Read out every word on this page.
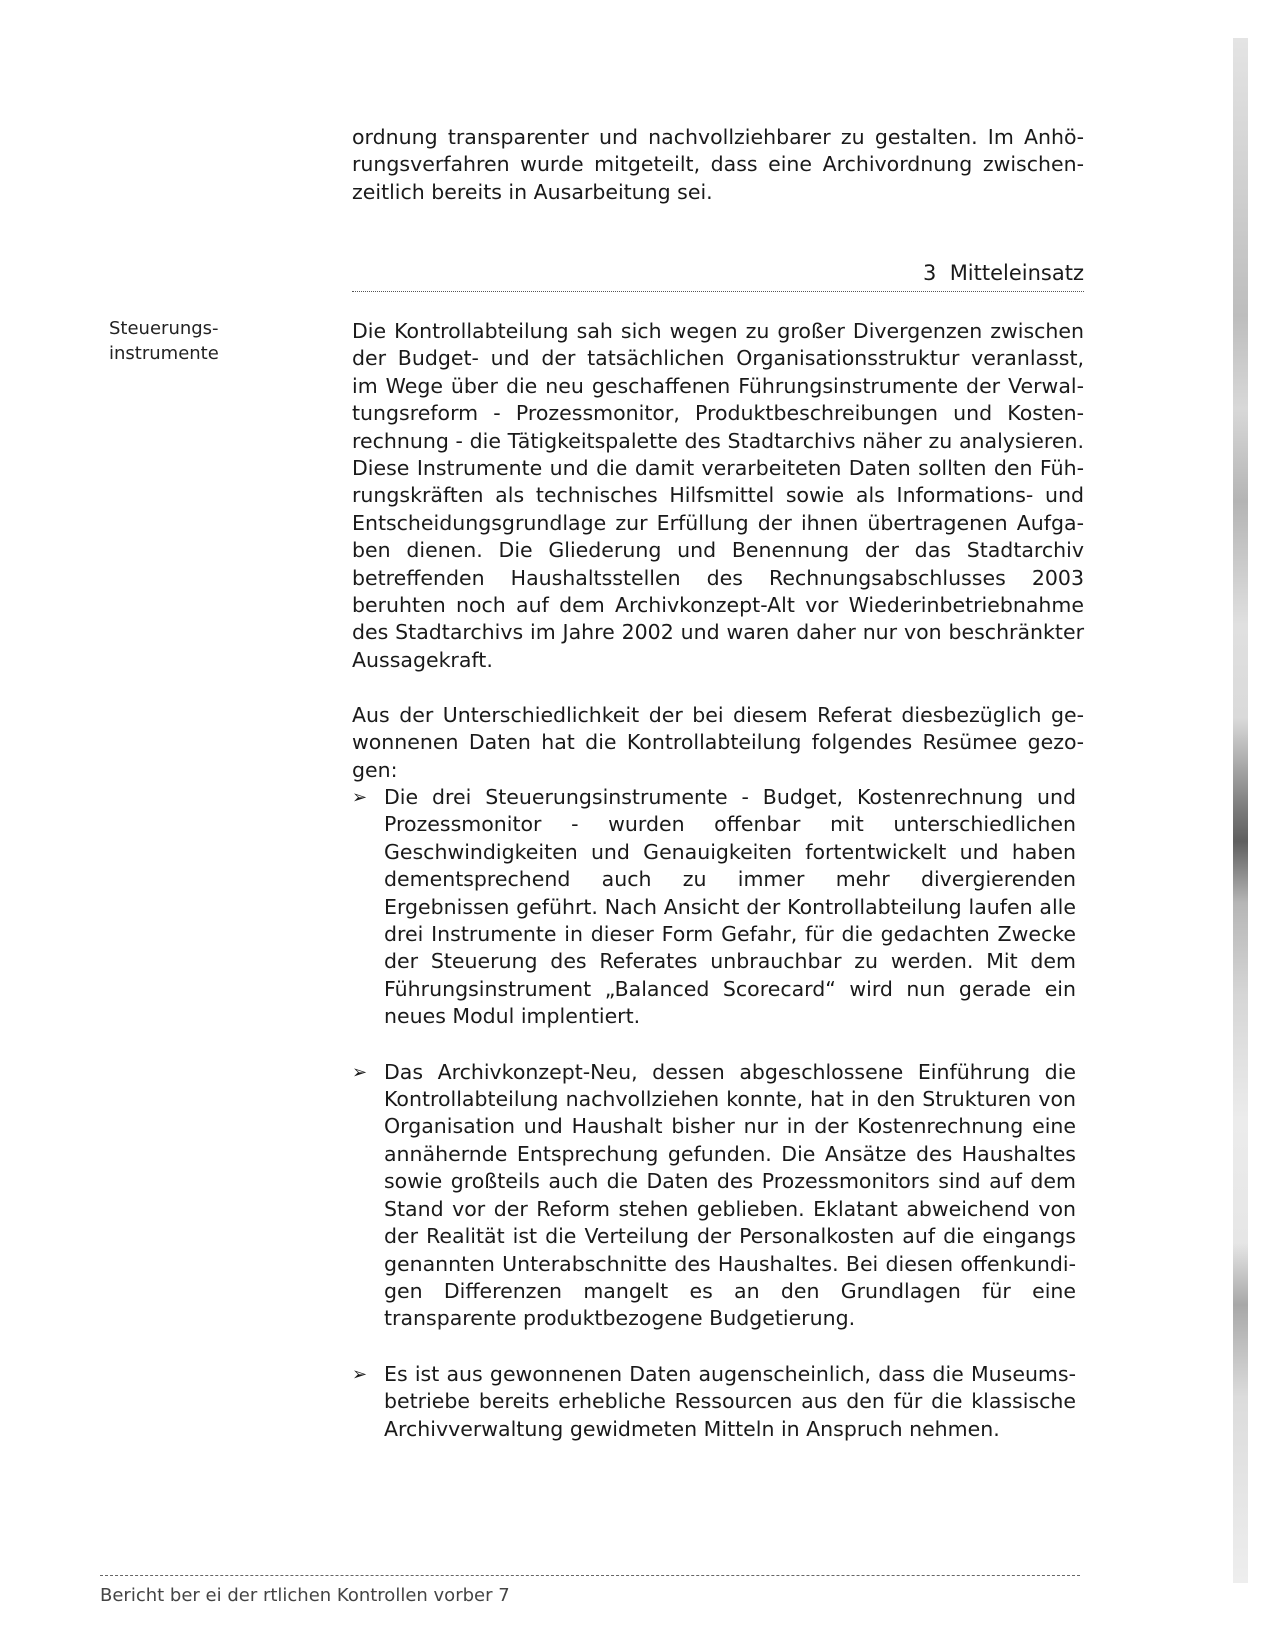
ordnung transparenter und nachvollziehbarer zu gestalten. Im Anhörungsverfahren wurde mitgeteilt, dass eine Archivordnung zwischenzeitlich bereits in Ausarbeitung sei.
3 Mitteleinsatz
Steuerungs-instrumente
Die Kontrollabteilung sah sich wegen zu großer Divergenzen zwischen der Budget- und der tatsächlichen Organisationsstruktur veranlasst, im Wege über die neu geschaffenen Führungsinstrumente der Verwaltungsreform - Prozessmonitor, Produktbeschreibungen und Kostenrechnung - die Tätigkeitspalette des Stadtarchivs näher zu analysieren. Diese Instrumente und die damit verarbeiteten Daten sollten den Führungskräften als technisches Hilfsmittel sowie als Informations- und Entscheidungsgrundlage zur Erfüllung der ihnen übertragenen Aufgaben dienen. Die Gliederung und Benennung der das Stadtarchiv betreffenden Haushaltsstellen des Rechnungsabschlusses 2003 beruhten noch auf dem Archivkonzept-Alt vor Wiederinbetriebnahme des Stadtarchivs im Jahre 2002 und waren daher nur von beschränkter Aussagekraft.
Aus der Unterschiedlichkeit der bei diesem Referat diesbezüglich gewonnenen Daten hat die Kontrollabteilung folgendes Resümee gezogen:
➢ Die drei Steuerungsinstrumente - Budget, Kostenrechnung und Prozessmonitor - wurden offenbar mit unterschiedlichen Geschwindigkeiten und Genauigkeiten fortentwickelt und haben dementsprechend auch zu immer mehr divergierenden Ergebnissen geführt. Nach Ansicht der Kontrollabteilung laufen alle drei Instrumente in dieser Form Gefahr, für die gedachten Zwecke der Steuerung des Referates unbrauchbar zu werden. Mit dem Führungsinstrument „Balanced Scorecard“ wird nun gerade ein neues Modul implentiert.
➢ Das Archivkonzept-Neu, dessen abgeschlossene Einführung die Kontrollabteilung nachvollziehen konnte, hat in den Strukturen von Organisation und Haushalt bisher nur in der Kostenrechnung eine annähernde Entsprechung gefunden. Die Ansätze des Haushaltes sowie großteils auch die Daten des Prozessmonitors sind auf dem Stand vor der Reform stehen geblieben. Eklatant abweichend von der Realität ist die Verteilung der Personalkosten auf die eingangs genannten Unterabschnitte des Haushaltes. Bei diesen offenkundigen Differenzen mangelt es an den Grundlagen für eine transparente produktbezogene Budgetierung.
➢ Es ist aus gewonnenen Daten augenscheinlich, dass die Museumsbetriebe bereits erhebliche Ressourcen aus den für die klassische Archivverwaltung gewidmeten Mitteln in Anspruch nehmen.
Bericht ber ei der rtlichen Kontrollen vorber 7
